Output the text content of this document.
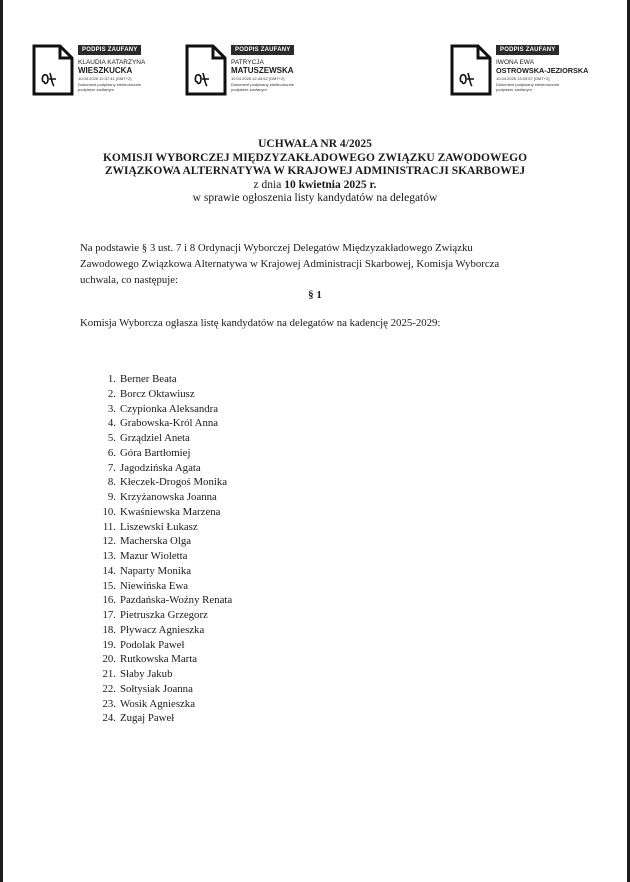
PODPIS ZAUFANY
KLAUDIA KATARZYNA
WIESZKUCKA
10.04.2025 12:37:41 [GMT+2]
Dokument podpisany elektronicznie
podpisem zaufanym
PODPIS ZAUFANY
PATRYCJA
MATUSZEWSKA
10.04.2025 12:43:52 [GMT+2]
Dokument podpisany elektronicznie
podpisem zaufanym
PODPIS ZAUFANY
IWONA EWA
OSTROWSKA-JEZIORSKA
10.04.2025 13:03:57 [GMT+2]
Dokument podpisany elektronicznie
podpisem zaufanym
UCHWAŁA NR 4/2025
KOMISJI WYBORCZEJ MIĘDZYZAKŁADOWEGO ZWIĄZKU ZAWODOWEGO
ZWIĄZKOWA ALTERNATYWA W KRAJOWEJ ADMINISTRACJI SKARBOWEJ
z dnia 10 kwietnia 2025 r.
w sprawie ogłoszenia listy kandydatów na delegatów
Na podstawie § 3 ust. 7 i 8 Ordynacji Wyborczej Delegatów Międzyzakładowego Związku Zawodowego Związkowa Alternatywa w Krajowej Administracji Skarbowej, Komisja Wyborcza uchwala, co następuje:
§ 1
Komisja Wyborcza ogłasza listę kandydatów na delegatów na kadencję 2025-2029:
1. Berner Beata
2. Borcz Oktawiusz
3. Czypionka Aleksandra
4. Grabowska-Król Anna
5. Grządziel Aneta
6. Góra Bartłomiej
7. Jagodzińska Agata
8. Kłeczek-Drogoś Monika
9. Krzyżanowska Joanna
10. Kwaśniewska Marzena
11. Liszewski Łukasz
12. Macherska Olga
13. Mazur Wioletta
14. Naparty Monika
15. Niewińska Ewa
16. Pazdańska-Woźny Renata
17. Pietruszka Grzegorz
18. Pływacz Agnieszka
19. Podolak Paweł
20. Rutkowska Marta
21. Słaby Jakub
22. Sołtysiak Joanna
23. Wosik Agnieszka
24. Zugaj Paweł
